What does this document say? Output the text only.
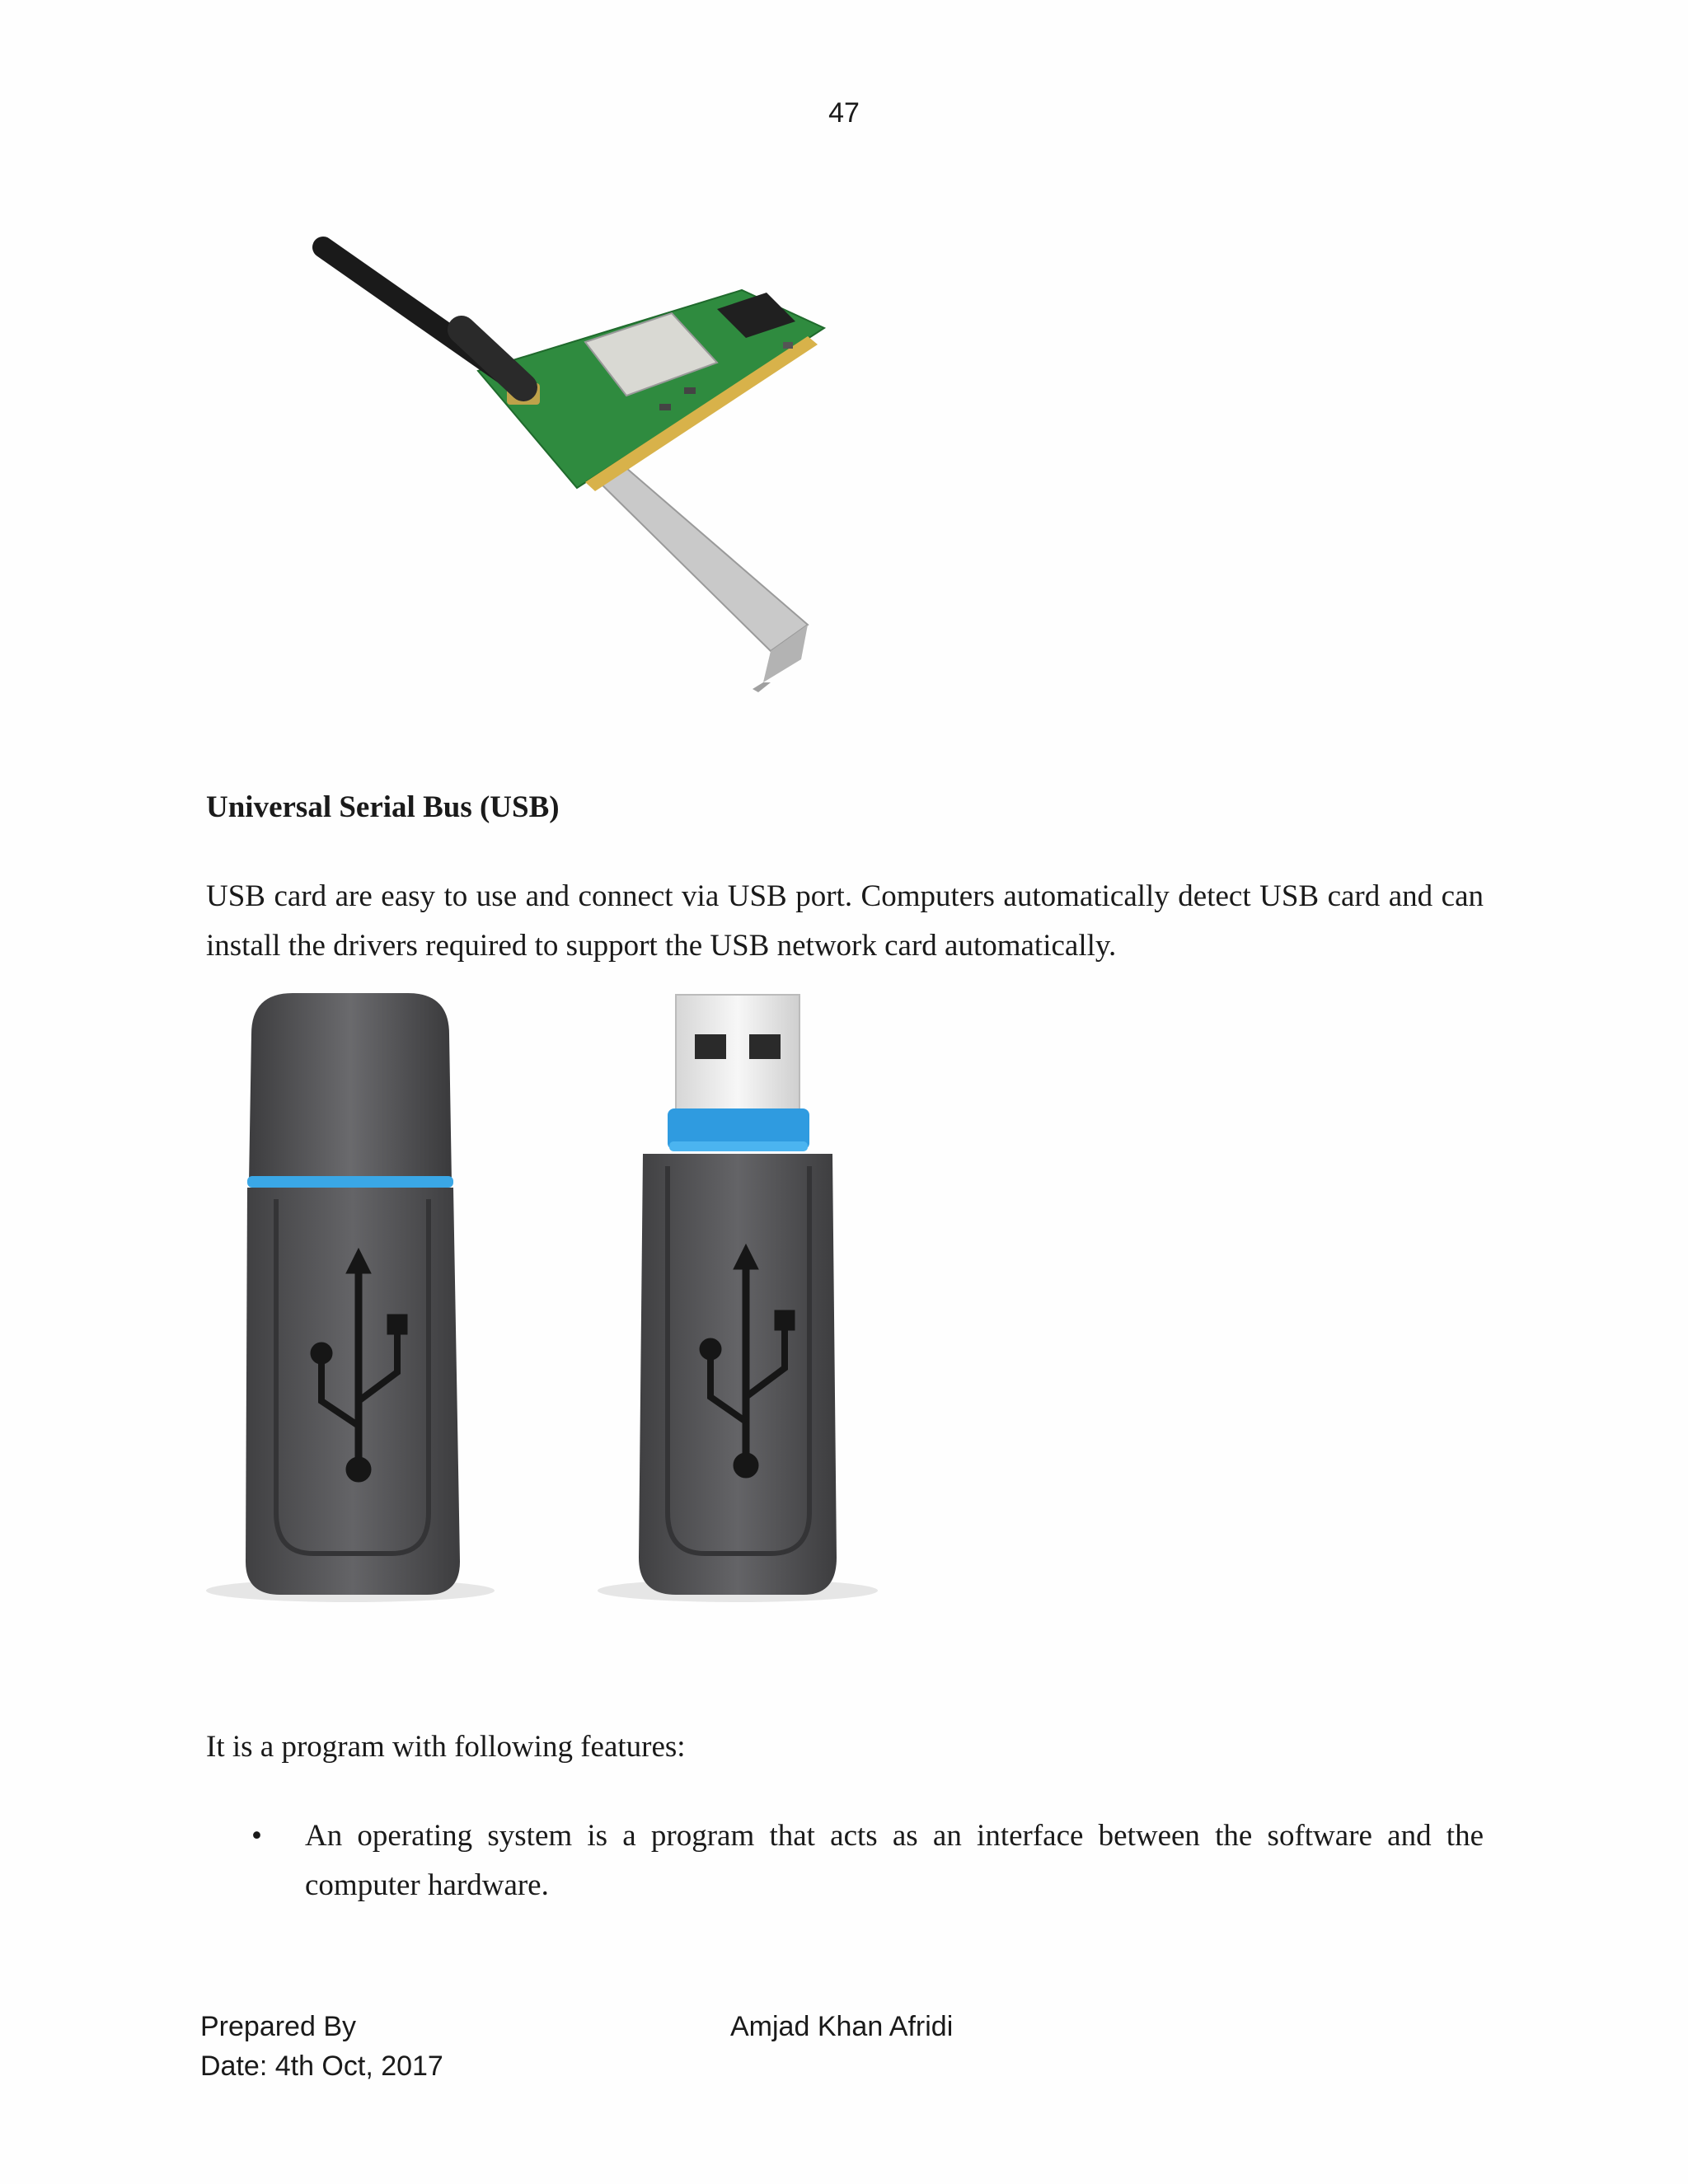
47
Universal Serial Bus (USB)
USB card are easy to use and connect via USB port. Computers automatically detect USB card and can install the drivers required to support the USB network card automatically.
It is a program with following features:
•	An operating system is a program that acts as an interface between the software and the computer hardware.
Prepared By	Amjad Khan Afridi
Date: 4th Oct, 2017
